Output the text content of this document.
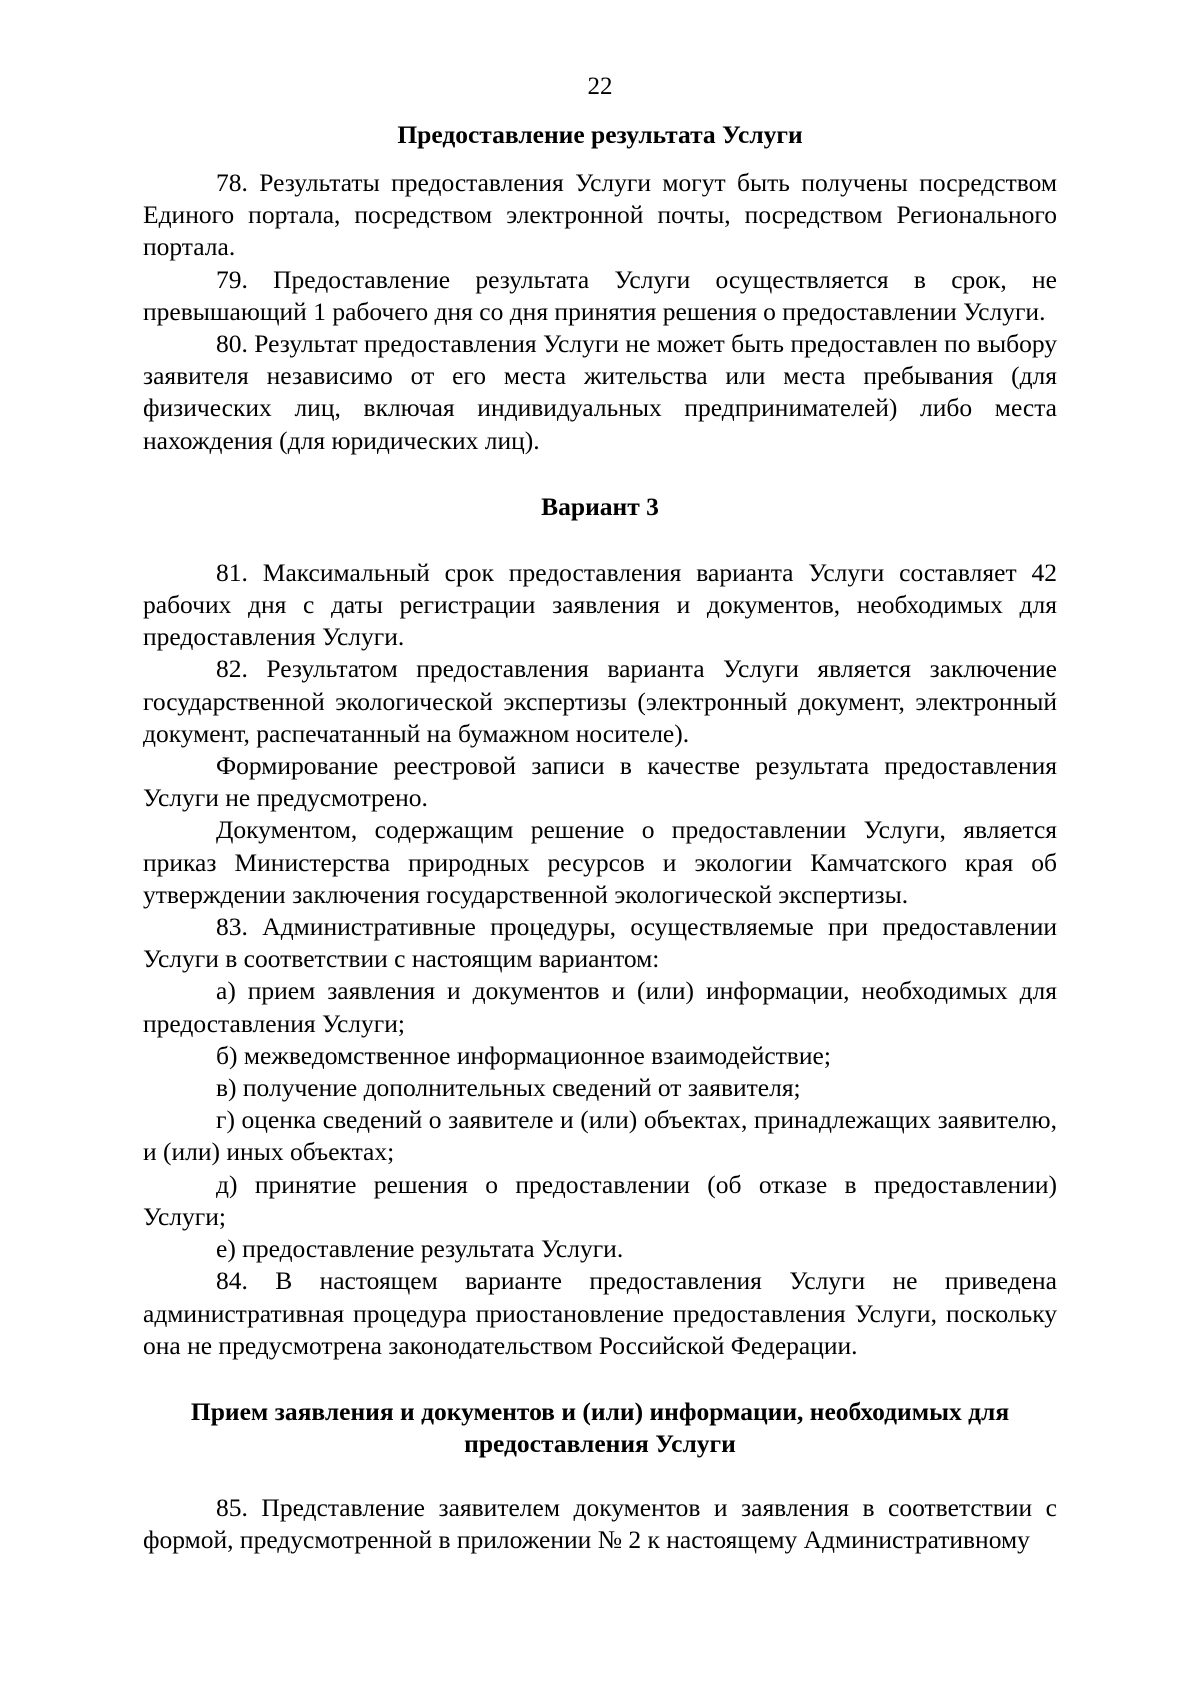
22

Предоставление результата Услуги

78. Результаты предоставления Услуги могут быть получены посредством Единого портала, посредством электронной почты, посредством Регионального портала.

79. Предоставление результата Услуги осуществляется в срок, не превышающий 1 рабочего дня со дня принятия решения о предоставлении Услуги.

80. Результат предоставления Услуги не может быть предоставлен по выбору заявителя независимо от его места жительства или места пребывания (для физических лиц, включая индивидуальных предпринимателей) либо места нахождения (для юридических лиц).

Вариант 3

81. Максимальный срок предоставления варианта Услуги составляет 42 рабочих дня с даты регистрации заявления и документов, необходимых для предоставления Услуги.

82. Результатом предоставления варианта Услуги является заключение государственной экологической экспертизы (электронный документ, электронный документ, распечатанный на бумажном носителе).

Формирование реестровой записи в качестве результата предоставления Услуги не предусмотрено.

Документом, содержащим решение о предоставлении Услуги, является приказ Министерства природных ресурсов и экологии Камчатского края об утверждении заключения государственной экологической экспертизы.

83. Административные процедуры, осуществляемые при предоставлении Услуги в соответствии с настоящим вариантом:

а) прием заявления и документов и (или) информации, необходимых для предоставления Услуги;

б) межведомственное информационное взаимодействие;

в) получение дополнительных сведений от заявителя;

г) оценка сведений о заявителе и (или) объектах, принадлежащих заявителю, и (или) иных объектах;

д) принятие решения о предоставлении (об отказе в предоставлении) Услуги;

е) предоставление результата Услуги.

84. В настоящем варианте предоставления Услуги не приведена административная процедура приостановление предоставления Услуги, поскольку она не предусмотрена законодательством Российской Федерации.

Прием заявления и документов и (или) информации, необходимых для
предоставления Услуги

85. Представление заявителем документов и заявления в соответствии с формой, предусмотренной в приложении № 2 к настоящему Административному
